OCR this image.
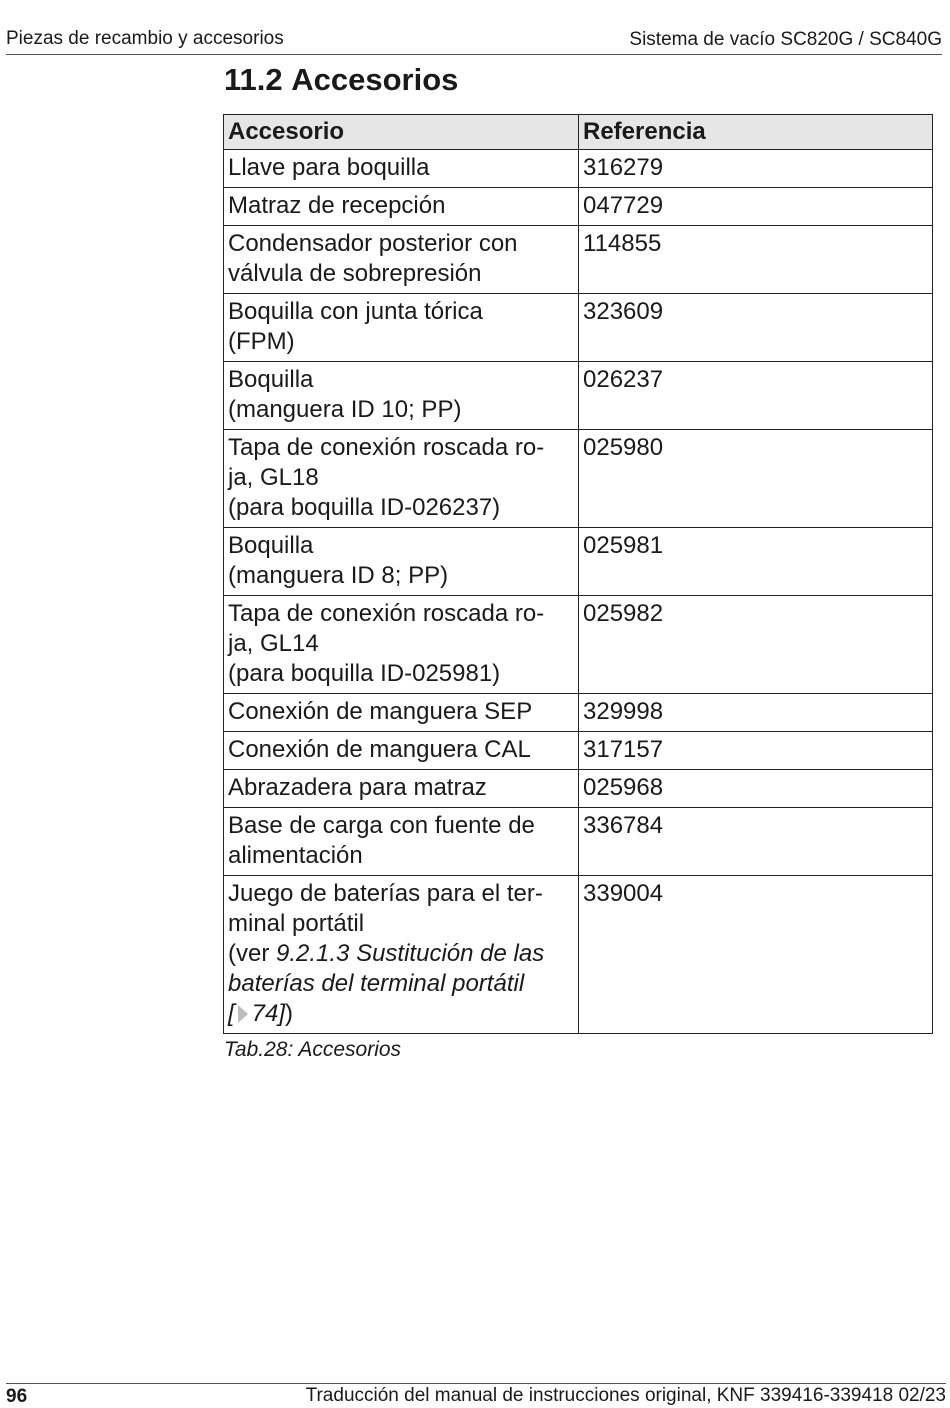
Piezas de recambio y accesorios	Sistema de vacío SC820G / SC840G
11.2 Accesorios
Accesorio	Referencia

Llave para boquilla	316279

Matraz de recepción	047729

Condensador posterior con
válvula de sobrepresión	114855

Boquilla con junta tórica
(FPM)	323609

Boquilla
(manguera ID 10; PP)	026237

Tapa de conexión roscada ro-
ja, GL18
(para boquilla ID-026237)	025980

Boquilla
(manguera ID 8; PP)	025981

Tapa de conexión roscada ro-
ja, GL14
(para boquilla ID-025981)	025982

Conexión de manguera SEP	329998

Conexión de manguera CAL	317157

Abrazadera para matraz	025968

Base de carga con fuente de
alimentación	336784

Juego de baterías para el ter-
minal portátil
(ver 9.2.1.3 Sustitución de las
baterías del terminal portátil
[ 74])	339004
Tab.28: Accesorios
96	Traducción del manual de instrucciones original, KNF 339416-339418 02/23
